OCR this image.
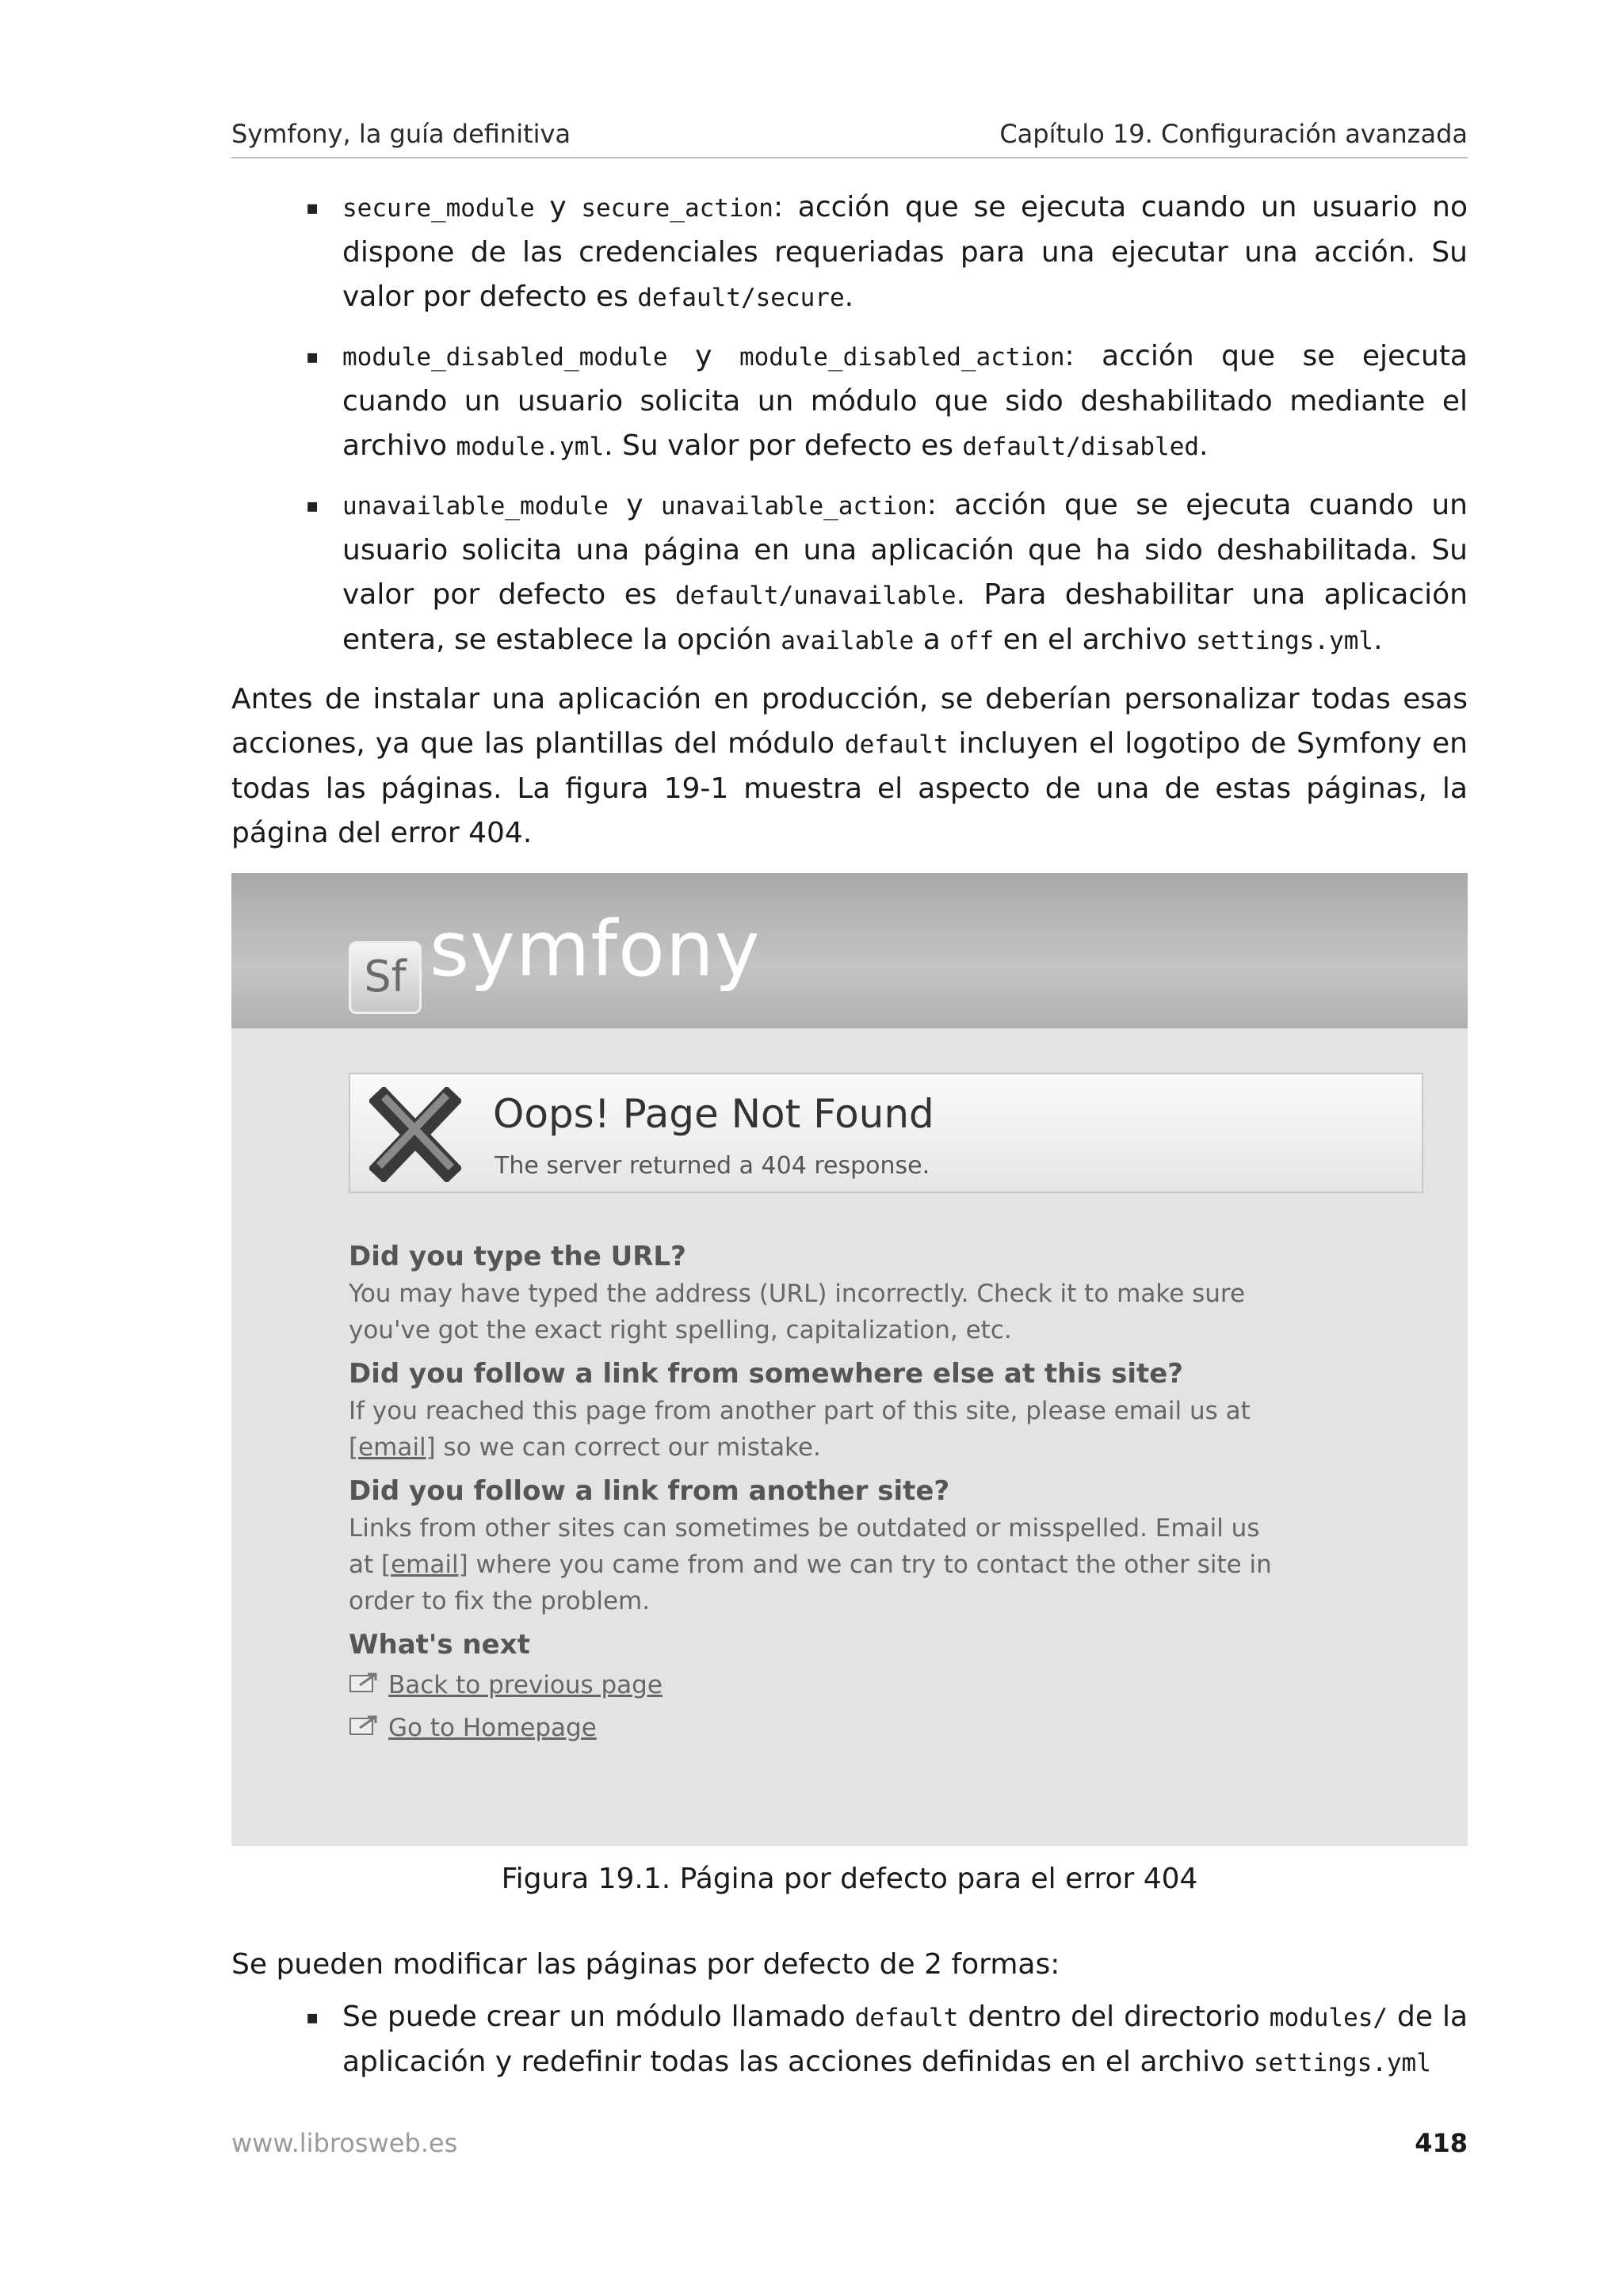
Symfony, la guía definitiva	Capítulo 19. Configuración avanzada
▪ secure_module y secure_action: acción que se ejecuta cuando un usuario no dispone de las credenciales requeriadas para una ejecutar una acción. Su valor por defecto es default/secure.
▪ module_disabled_module y module_disabled_action: acción que se ejecuta cuando un usuario solicita un módulo que sido deshabilitado mediante el archivo module.yml. Su valor por defecto es default/disabled.
▪ unavailable_module y unavailable_action: acción que se ejecuta cuando un usuario solicita una página en una aplicación que ha sido deshabilitada. Su valor por defecto es default/unavailable. Para deshabilitar una aplicación entera, se establece la opción available a off en el archivo settings.yml.

Antes de instalar una aplicación en producción, se deberían personalizar todas esas acciones, ya que las plantillas del módulo default incluyen el logotipo de Symfony en todas las páginas. La figura 19-1 muestra el aspecto de una de estas páginas, la página del error 404.

Sf symfony
Oops! Page Not Found
The server returned a 404 response.
Did you type the URL?

You may have typed the address (URL) incorrectly. Check it to make sure you've got the exact right spelling, capitalization, etc.

Did you follow a link from somewhere else at this site?

If you reached this page from another part of this site, please email us at [email] so we can correct our mistake.

Did you follow a link from another site?

Links from other sites can sometimes be outdated or misspelled. Email us at [email] where you came from and we can try to contact the other site in order to fix the problem.

What's next
Back to previous page
Go to Homepage
Figura 19.1. Página por defecto para el error 404

Se pueden modificar las páginas por defecto de 2 formas:

▪ Se puede crear un módulo llamado default dentro del directorio modules/ de la aplicación y redefinir todas las acciones definidas en el archivo settings.yml
www.librosweb.es	418
